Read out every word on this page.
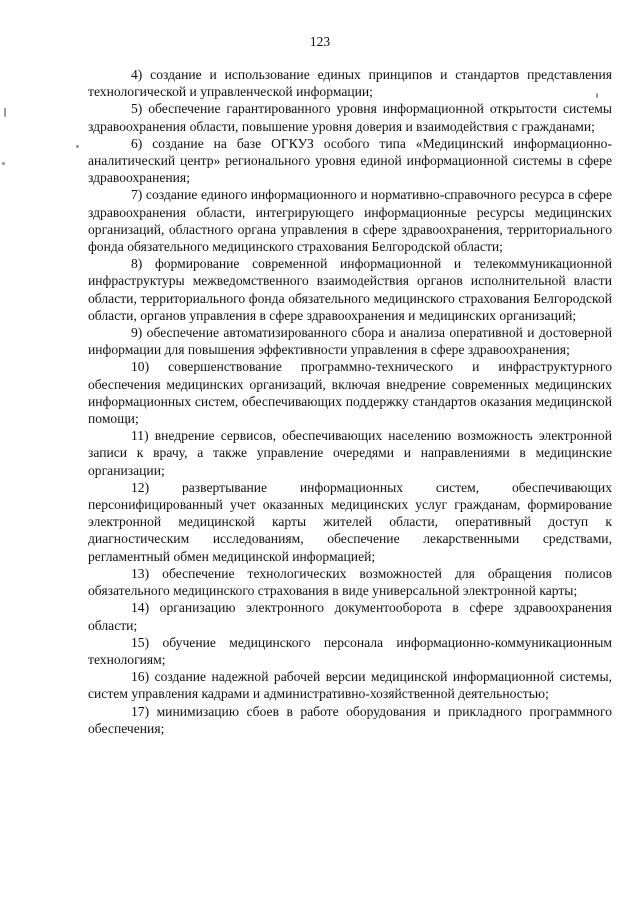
123

4) создание и использование единых принципов и стандартов представления технологической и управленческой информации;

5) обеспечение гарантированного уровня информационной открытости системы здравоохранения области, повышение уровня доверия и взаимодействия с гражданами;

6) создание на базе ОГКУЗ особого типа «Медицинский информационно-аналитический центр» регионального уровня единой информационной системы в сфере здравоохранения;

7) создание единого информационного и нормативно-справочного ресурса в сфере здравоохранения области, интегрирующего информационные ресурсы медицинских организаций, областного органа управления в сфере здравоохранения, территориального фонда обязательного медицинского страхования Белгородской области;

8) формирование современной информационной и телекоммуникационной инфраструктуры межведомственного взаимодействия органов исполнительной власти области, территориального фонда обязательного медицинского страхования Белгородской области, органов управления в сфере здравоохранения и медицинских организаций;

9) обеспечение автоматизированного сбора и анализа оперативной и достоверной информации для повышения эффективности управления в сфере здравоохранения;

10) совершенствование программно-технического и инфраструктурного обеспечения медицинских организаций, включая внедрение современных медицинских информационных систем, обеспечивающих поддержку стандартов оказания медицинской помощи;

11) внедрение сервисов, обеспечивающих населению возможность электронной записи к врачу, а также управление очередями и направлениями в медицинские организации;

12) развертывание информационных систем, обеспечивающих персонифицированный учет оказанных медицинских услуг гражданам, формирование электронной медицинской карты жителей области, оперативный доступ к диагностическим исследованиям, обеспечение лекарственными средствами, регламентный обмен медицинской информацией;

13) обеспечение технологических возможностей для обращения полисов обязательного медицинского страхования в виде универсальной электронной карты;

14) организацию электронного документооборота в сфере здравоохранения области;

15) обучение медицинского персонала информационно-коммуникационным технологиям;

16) создание надежной рабочей версии медицинской информационной системы, систем управления кадрами и административно-хозяйственной деятельностью;

17) минимизацию сбоев в работе оборудования и прикладного программного обеспечения;
